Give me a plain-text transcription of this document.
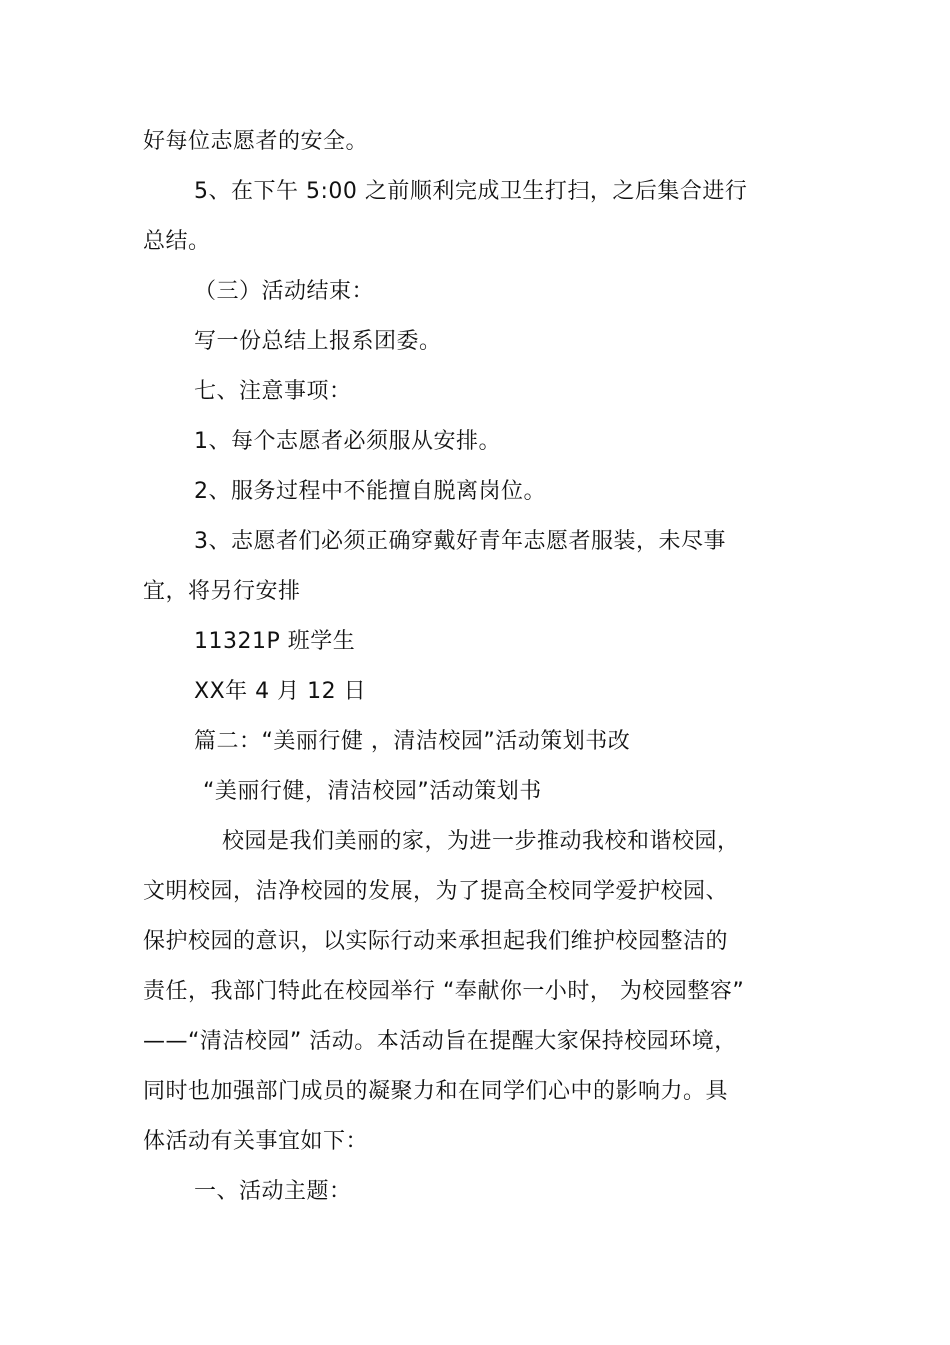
好每位志愿者的安全。
5、在下午 5:00 之前顺利完成卫生打扫，之后集合进行
总结。
（三）活动结束：
写一份总结上报系团委。
七、注意事项：
1、每个志愿者必须服从安排。
2、服务过程中不能擅自脱离岗位。
3、志愿者们必须正确穿戴好青年志愿者服装，未尽事
宜，将另行安排
11321P 班学生
XX年 4 月 12 日
篇二：“美丽行健 ，清洁校园”活动策划书改
“美丽行健，清洁校园”活动策划书
校园是我们美丽的家，为进一步推动我校和谐校园，
文明校园，洁净校园的发展，为了提高全校同学爱护校园、
保护校园的意识，以实际行动来承担起我们维护校园整洁的
责任，我部门特此在校园举行 “奉献你一小时， 为校园整容”
——“清洁校园” 活动。本活动旨在提醒大家保持校园环境，
同时也加强部门成员的凝聚力和在同学们心中的影响力。具
体活动有关事宜如下：
一、活动主题：
